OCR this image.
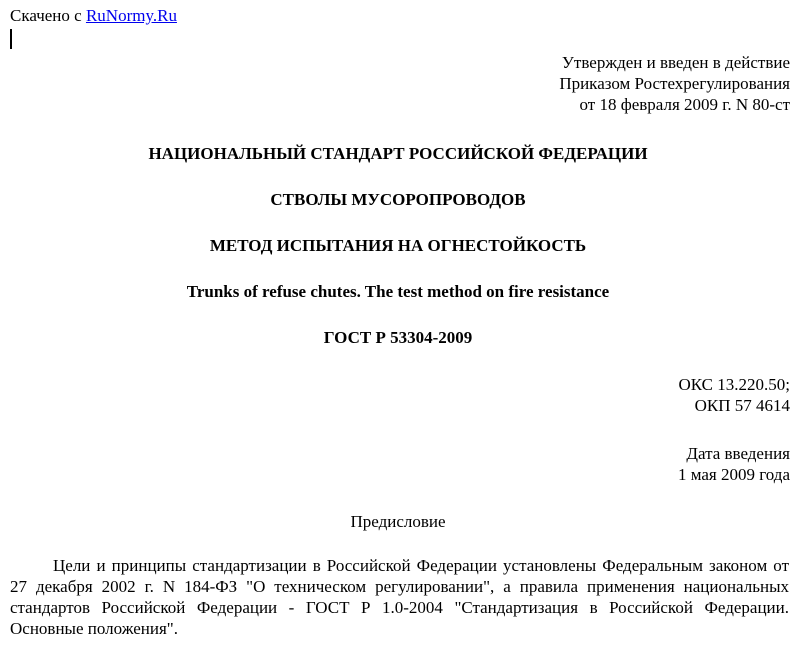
Скачено с RuNormy.Ru
Утвержден и введен в действие
Приказом Ростехрегулирования
от 18 февраля 2009 г. N 80-ст
НАЦИОНАЛЬНЫЙ СТАНДАРТ РОССИЙСКОЙ ФЕДЕРАЦИИ
СТВОЛЫ МУСОРОПРОВОДОВ
МЕТОД ИСПЫТАНИЯ НА ОГНЕСТОЙКОСТЬ
Trunks of refuse chutes. The test method on fire resistance
ГОСТ Р 53304-2009
ОКС 13.220.50;
ОКП 57 4614
Дата введения
1 мая 2009 года
Предисловие
Цели и принципы стандартизации в Российской Федерации установлены Федеральным законом от 27 декабря 2002 г. N 184-ФЗ "О техническом регулировании", а правила применения национальных стандартов Российской Федерации - ГОСТ Р 1.0-2004 "Стандартизация в Российской Федерации. Основные положения".
